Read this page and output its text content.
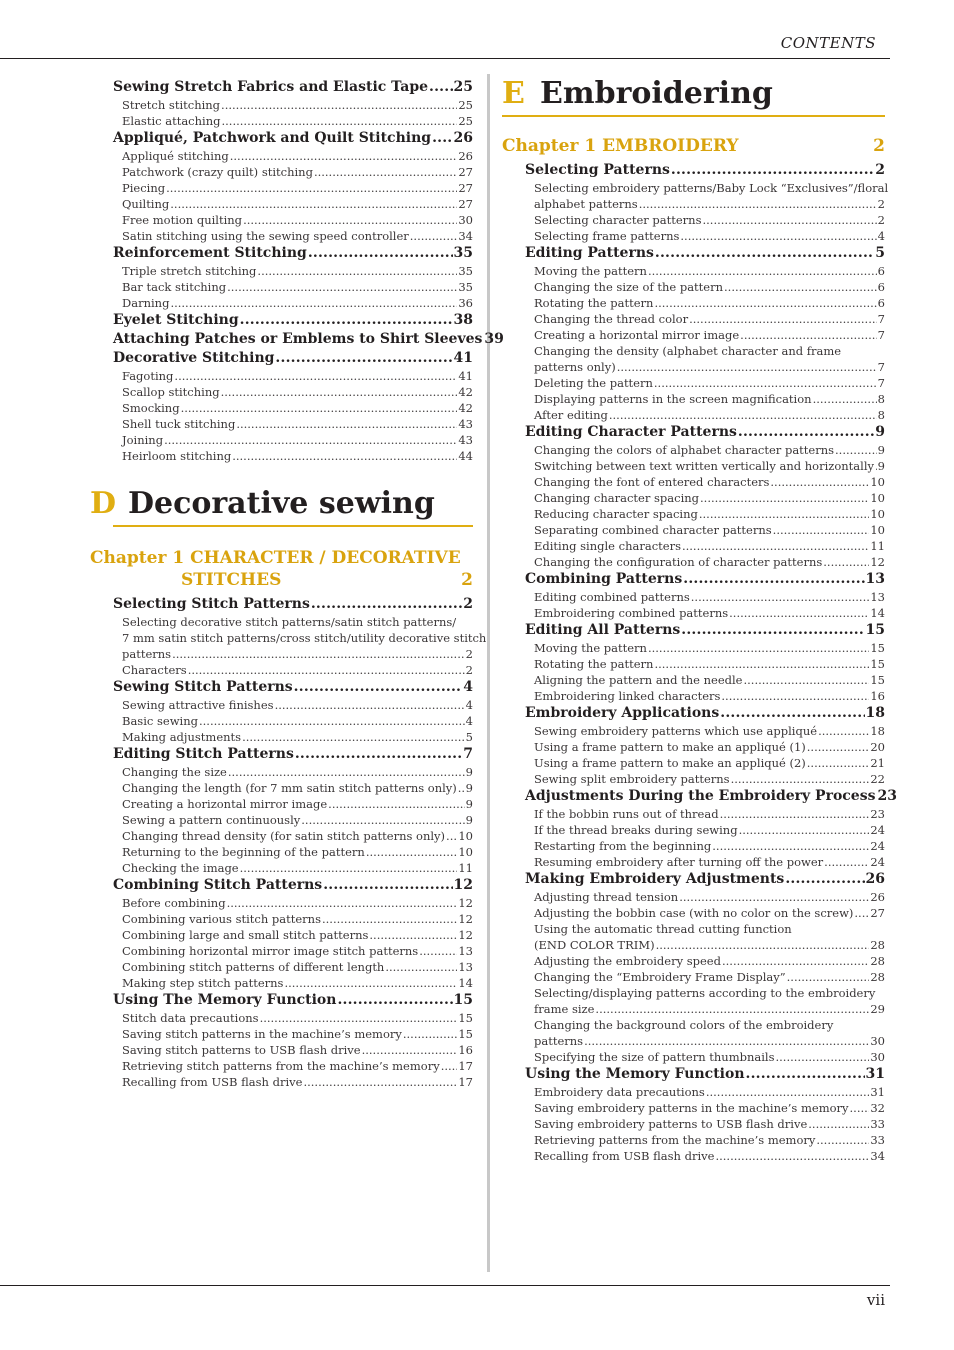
CONTENTS
Sewing Stretch Fabrics and Elastic Tape ..... 25
Stretch stitching .....	25
Elastic attaching .....	25
Appliqué, Patchwork and Quilt Stitching ..... 26
Appliqué stitching .....	26
Patchwork (crazy quilt) stitching .....	27
Piecing .....	27
Quilting .....	27
Free motion quilting .....	30
Satin stitching using the sewing speed controller .....	34
Reinforcement Stitching .....	35
Triple stretch stitching .....	35
Bar tack stitching .....	35
Darning .....	36
Eyelet Stitching .....	38
Attaching Patches or Emblems to Shirt Sleeves 39
Decorative Stitching .....	41
Fagoting .....	41
Scallop stitching .....	42
Smocking .....	42
Shell tuck stitching .....	43
Joining .....	43
Heirloom stitching .....	44
D Decorative sewing
Chapter 1 CHARACTER / DECORATIVE
STITCHES	2
Selecting Stitch Patterns .....	2
Selecting decorative stitch patterns/satin stitch patterns/
7 mm satin stitch patterns/cross stitch/utility decorative stitch
patterns .....	2
Characters .....	2
Sewing Stitch Patterns .....	4
Sewing attractive finishes .....	4
Basic sewing .....	4
Making adjustments .....	5
Editing Stitch Patterns .....	7
Changing the size .....	9
Changing the length (for 7 mm satin stitch patterns only) ..... 9
Creating a horizontal mirror image .....	9
Sewing a pattern continuously .....	9
Changing thread density (for satin stitch patterns only) ..... 10
Returning to the beginning of the pattern .....	10
Checking the image .....	11
Combining Stitch Patterns .....	12
Before combining .....	12
Combining various stitch patterns .....	12
Combining large and small stitch patterns .....	12
Combining horizontal mirror image stitch patterns .....	13
Combining stitch patterns of different length .....	13
Making step stitch patterns .....	14
Using The Memory Function .....	15
Stitch data precautions .....	15
Saving stitch patterns in the machine’s memory .....	15
Saving stitch patterns to USB flash drive .....	16
Retrieving stitch patterns from the machine’s memory ..... 17
Recalling from USB flash drive .....	17
E Embroidering
Chapter 1 EMBROIDERY	2
Selecting Patterns .....	2
Selecting embroidery patterns/Baby Lock “Exclusives”/floral
alphabet patterns .....	2
Selecting character patterns .....	2
Selecting frame patterns .....	4
Editing Patterns .....	5
Moving the pattern .....	6
Changing the size of the pattern .....	6
Rotating the pattern .....	6
Changing the thread color .....	7
Creating a horizontal mirror image .....	7
Changing the density (alphabet character and frame
patterns only) .....	7
Deleting the pattern .....	7
Displaying patterns in the screen magnification .....	8
After editing .....	8
Editing Character Patterns .....	9
Changing the colors of alphabet character patterns .....	9
Switching between text written vertically and horizontally ..... 9
Changing the font of entered characters .....	10
Changing character spacing .....	10
Reducing character spacing .....	10
Separating combined character patterns .....	10
Editing single characters .....	11
Changing the configuration of character patterns .....	12
Combining Patterns .....	13
Editing combined patterns .....	13
Embroidering combined patterns .....	14
Editing All Patterns .....	15
Moving the pattern .....	15
Rotating the pattern .....	15
Aligning the pattern and the needle .....	15
Embroidering linked characters .....	16
Embroidery Applications .....	18
Sewing embroidery patterns which use appliqué .....	18
Using a frame pattern to make an appliqué (1) .....	20
Using a frame pattern to make an appliqué (2) .....	21
Sewing split embroidery patterns .....	22
Adjustments During the Embroidery Process 23
If the bobbin runs out of thread .....	23
If the thread breaks during sewing .....	24
Restarting from the beginning .....	24
Resuming embroidery after turning off the power .....	24
Making Embroidery Adjustments .....	26
Adjusting thread tension .....	26
Adjusting the bobbin case (with no color on the screw) ..... 27
Using the automatic thread cutting function
(END COLOR TRIM) .....	28
Adjusting the embroidery speed .....	28
Changing the “Embroidery Frame Display” .....	28
Selecting/displaying patterns according to the embroidery
frame size .....	29
Changing the background colors of the embroidery
patterns .....	30
Specifying the size of pattern thumbnails .....	30
Using the Memory Function .....	31
Embroidery data precautions .....	31
Saving embroidery patterns in the machine’s memory ..... 32
Saving embroidery patterns to USB flash drive .....	33
Retrieving patterns from the machine’s memory .....	33
Recalling from USB flash drive .....	34
vii
